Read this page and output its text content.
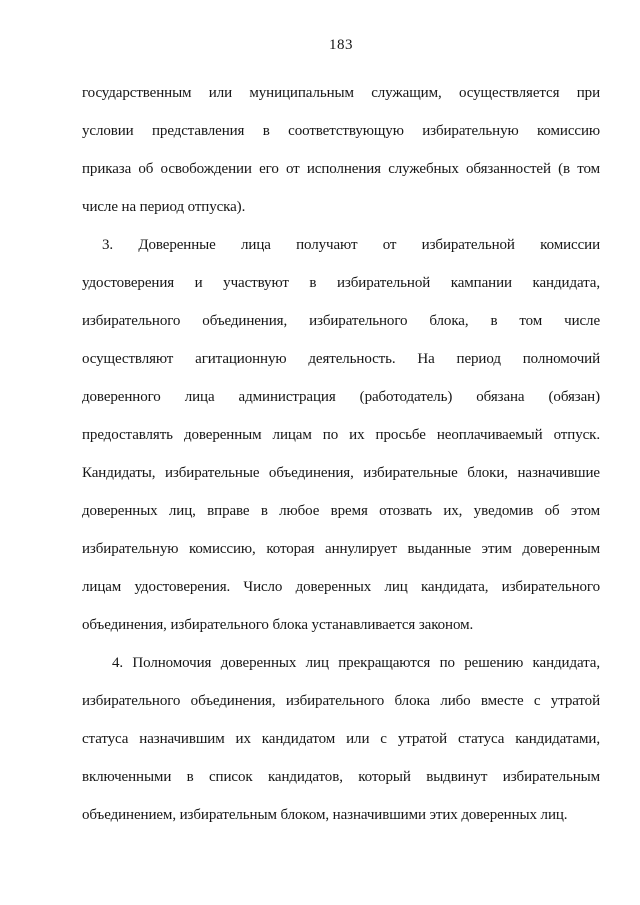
183
государственным или муниципальным служащим, осуществляется при
условии представления в соответствующую избирательную комиссию
приказа об освобождении его от исполнения служебных обязанностей (в том
числе на период отпуска).
3. Доверенные лица получают от избирательной комиссии
удостоверения и участвуют в избирательной кампании кандидата,
избирательного объединения, избирательного блока, в том числе
осуществляют агитационную деятельность. На период полномочий
доверенного лица администрация (работодатель) обязана (обязан)
предоставлять доверенным лицам по их просьбе неоплачиваемый отпуск.
Кандидаты, избирательные объединения, избирательные блоки, назначившие
доверенных лиц, вправе в любое время отозвать их, уведомив об этом
избирательную комиссию, которая аннулирует выданные этим доверенным
лицам удостоверения. Число доверенных лиц кандидата, избирательного
объединения, избирательного блока устанавливается законом.
4. Полномочия доверенных лиц прекращаются по решению кандидата,
избирательного объединения, избирательного блока либо вместе с утратой
статуса назначившим их кандидатом или с утратой статуса кандидатами,
включенными в список кандидатов, который выдвинут избирательным
объединением, избирательным блоком, назначившими этих доверенных лиц.
